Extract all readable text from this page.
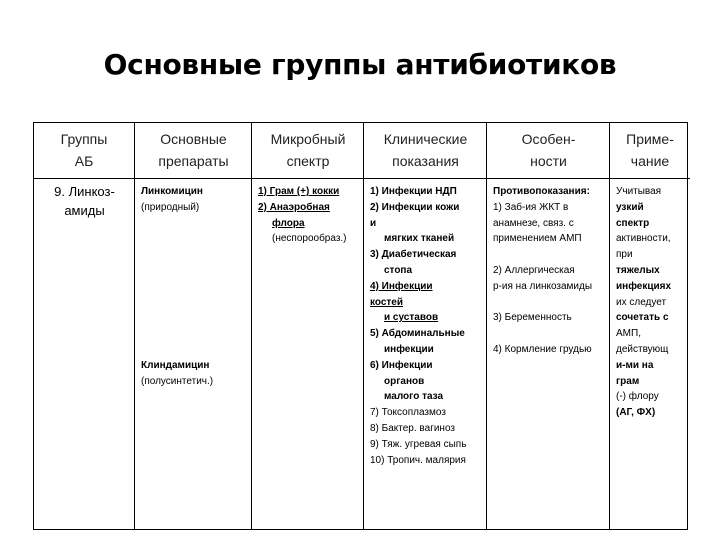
Основные группы антибиотиков
Группы
АБ
9. Линкоз-
амиды
Основные
препараты
Линкомицин
(природный)
Клиндамицин
(полусинтетич.)
Микробный
спектр
1) Грам (+) кокки
2) Анаэробная
флора
(неспорообраз.)
Клинические
показания
1) Инфекции НДП
2) Инфекции кожи
и
мягких тканей
3) Диабетическая
стопа
4) Инфекции
костей
и суставов
5) Абдоминальные
инфекции
6) Инфекции
органов
малого таза
7) Токсоплазмоз
8) Бактер. вагиноз
9) Тяж. угревая сыпь
10) Тропич. малярия
Особен-
ности
Противопоказания:
1) Заб-ия ЖКТ в
анамнезе, связ. с
применением АМП
2) Аллергическая
р-ия на линкозамиды
3) Беременность
4) Кормление грудью
Приме-
чание
Учитывая
узкий
спектр
активности,
при
тяжелых
инфекциях
их следует
сочетать с
АМП,
действующ
и-ми на
грам
(-) флору
(АГ, ФХ)
